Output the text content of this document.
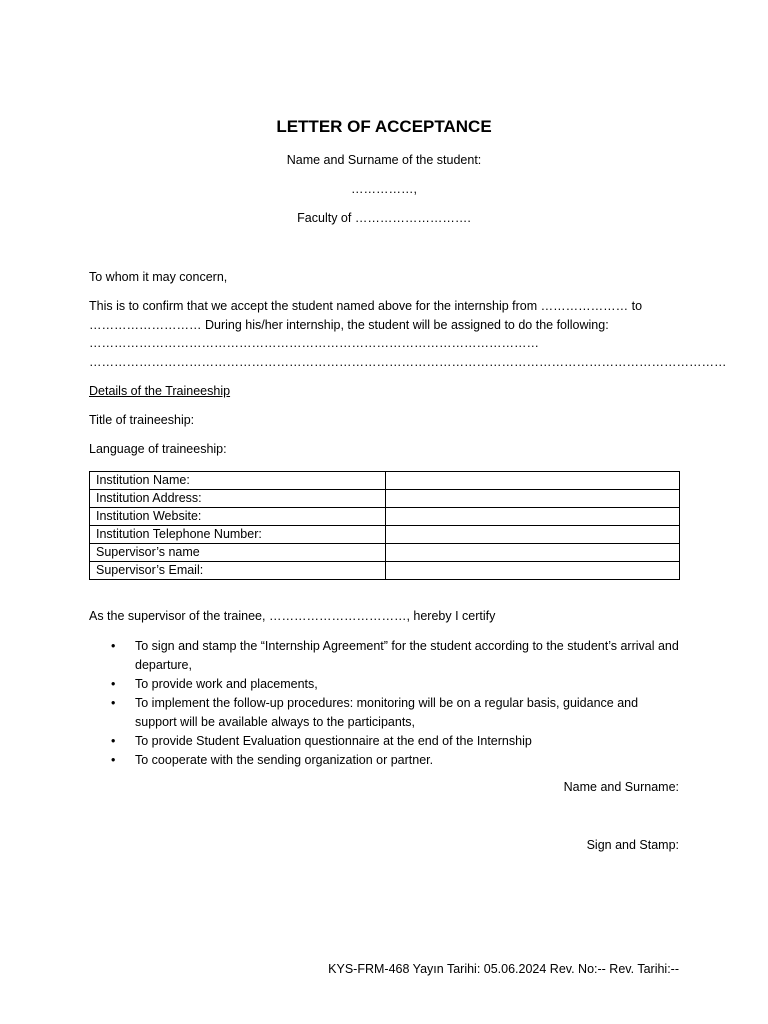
LETTER OF ACCEPTANCE
Name and Surname of the student:
……………,
Faculty of ……………………….
To whom it may concern,
This is to confirm that we accept the student named above for the internship from ………………… to
……………………… During his/her internship, the student will be assigned to do the following:
………………………………………………………………………………………………
………………………………………………………………………………………………………………………………………
Details of the Traineeship
Title of traineeship:
Language of traineeship:
Institution Name:	
Institution Address:	
Institution Website:	
Institution Telephone Number:	
Supervisor’s name	
Supervisor’s Email:	
As the supervisor of the trainee, ……………………………, hereby I certify
• To sign and stamp the “Internship Agreement” for the student according to the student’s arrival and departure,
• To provide work and placements,
• To implement the follow-up procedures: monitoring will be on a regular basis, guidance and support will be available always to the participants,
• To provide Student Evaluation questionnaire at the end of the Internship
• To cooperate with the sending organization or partner.
Name and Surname:
Sign and Stamp:
KYS-FRM-468 Yayın Tarihi: 05.06.2024 Rev. No:-- Rev. Tarihi:--
